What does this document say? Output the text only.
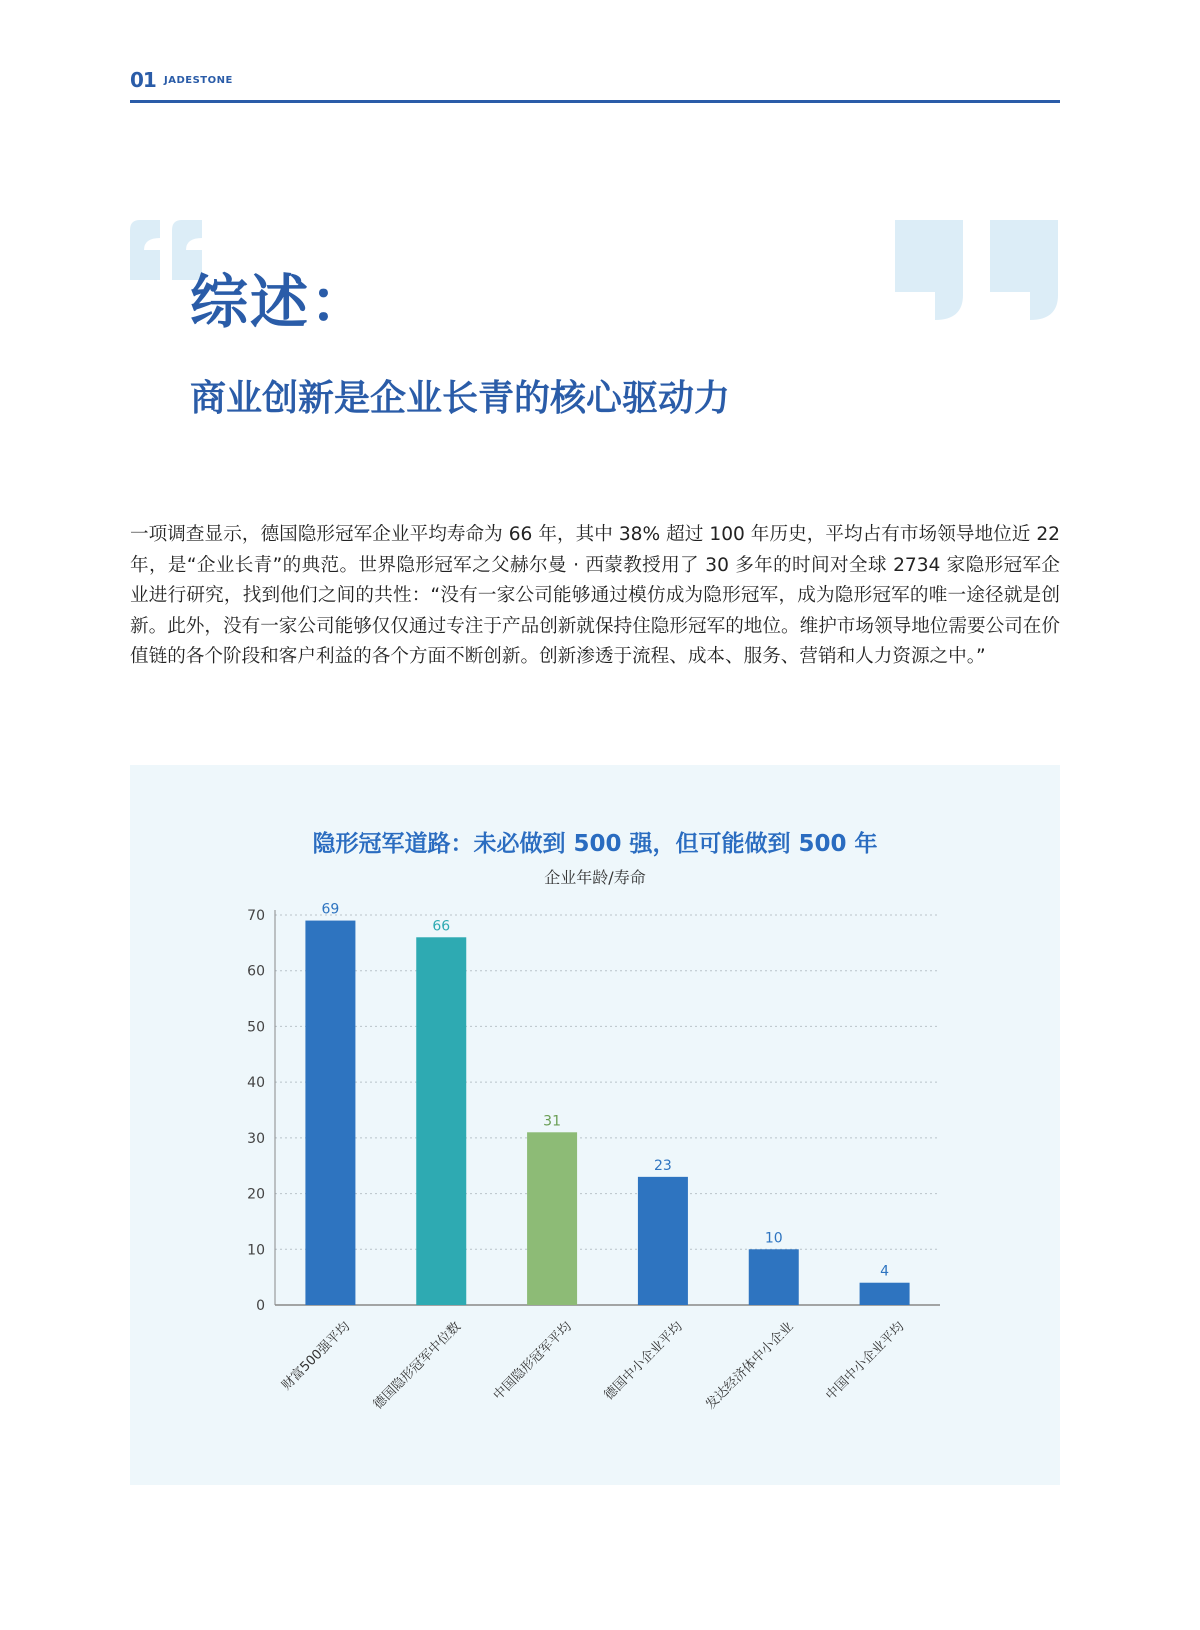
01 JADESTONE
综述：
商业创新是企业长青的核心驱动力

一项调查显示，德国隐形冠军企业平均寿命为 66 年，其中 38% 超过 100 年历史，平均占有市场领导地位近 22 年，是“企业长青”的典范。世界隐形冠军之父赫尔曼 · 西蒙教授用了 30 多年的时间对全球 2734 家隐形冠军企业进行研究，找到他们之间的共性：“没有一家公司能够通过模仿成为隐形冠军，成为隐形冠军的唯一途径就是创新。此外，没有一家公司能够仅仅通过专注于产品创新就保持住隐形冠军的地位。维护市场领导地位需要公司在价值链的各个阶段和客户利益的各个方面不断创新。创新渗透于流程、成本、服务、营销和人力资源之中。”

隐形冠军道路：未必做到 500 强，但可能做到 500 年
企业年龄/寿命
0
10
20
30
40
50
60
70	69
财富500强平均
66
德国隐形冠军中位数
31
中国隐形冠军平均
23
德国中小企业平均
10
发达经济体中小企业
4
中国中小企业平均
